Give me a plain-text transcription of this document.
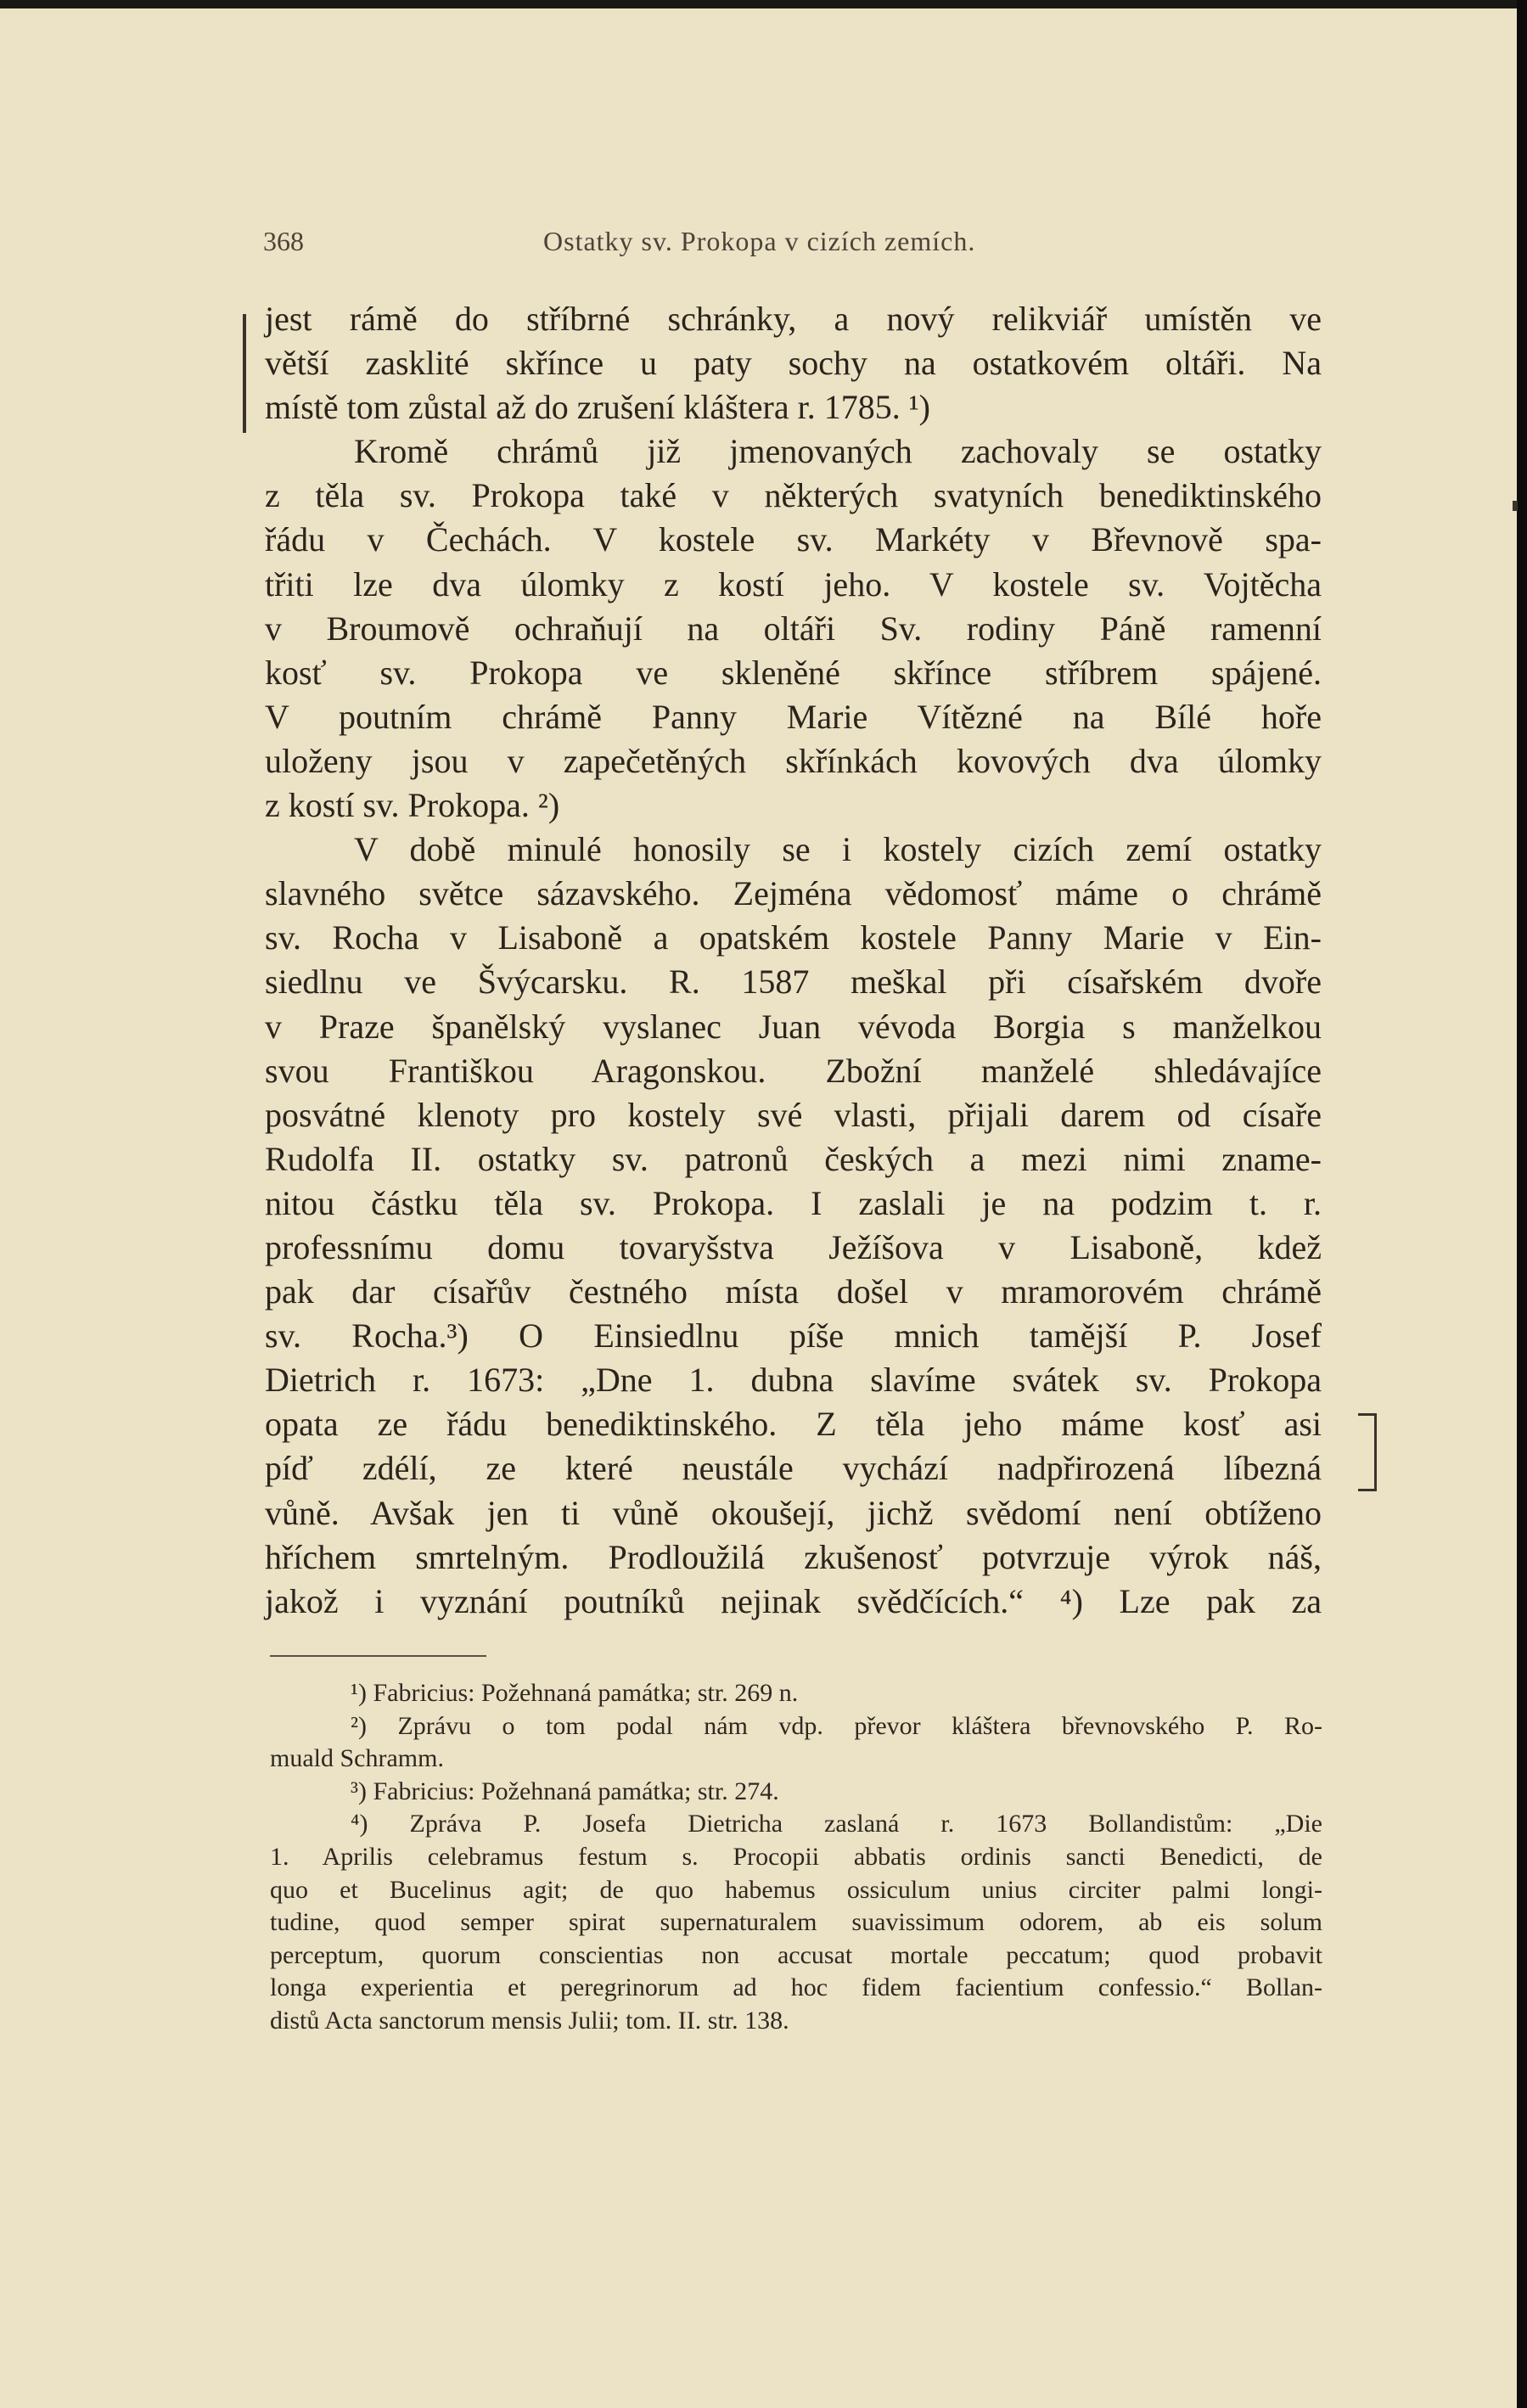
368	Ostatky sv. Prokopa v cizích zemích.
jest rámě do stříbrné schránky, a nový relikviář umístěn ve
větší zasklité skřínce u paty sochy na ostatkovém oltáři. Na
místě tom zůstal až do zrušení kláštera r. 1785. ¹)
Kromě chrámů již jmenovaných zachovaly se ostatky
z těla sv. Prokopa také v některých svatyních benediktinského
řádu v Čechách. V kostele sv. Markéty v Břevnově spa-
třiti lze dva úlomky z kostí jeho. V kostele sv. Vojtěcha
v Broumově ochraňují na oltáři Sv. rodiny Páně ramenní
kosť sv. Prokopa ve skleněné skřínce stříbrem spájené.
V poutním chrámě Panny Marie Vítězné na Bílé hoře
uloženy jsou v zapečetěných skřínkách kovových dva úlomky
z kostí sv. Prokopa. ²)
V době minulé honosily se i kostely cizích zemí ostatky
slavného světce sázavského. Zejména vědomosť máme o chrámě
sv. Rocha v Lisaboně a opatském kostele Panny Marie v Ein-
siedlnu ve Švýcarsku. R. 1587 meškal při císařském dvoře
v Praze španělský vyslanec Juan vévoda Borgia s manželkou
svou Františkou Aragonskou. Zbožní manželé shledávajíce
posvátné klenoty pro kostely své vlasti, přijali darem od císaře
Rudolfa II. ostatky sv. patronů českých a mezi nimi zname-
nitou částku těla sv. Prokopa. I zaslali je na podzim t. r.
professnímu domu tovaryšstva Ježíšova v Lisaboně, kdež
pak dar císařův čestného místa došel v mramorovém chrámě
sv. Rocha.³) O Einsiedlnu píše mnich tamější P. Josef
Dietrich r. 1673: „Dne 1. dubna slavíme svátek sv. Prokopa
opata ze řádu benediktinského. Z těla jeho máme kosť asi
píď zdélí, ze které neustále vychází nadpřirozená líbezná
vůně. Avšak jen ti vůně okoušejí, jichž svědomí není obtíženo
hříchem smrtelným. Prodloužilá zkušenosť potvrzuje výrok náš,
jakož i vyznání poutníků nejinak svědčících.“ ⁴) Lze pak za
¹) Fabricius: Požehnaná památka; str. 269 n.
²) Zprávu o tom podal nám vdp. převor kláštera břevnovského P. Ro-
muald Schramm.
³) Fabricius: Požehnaná památka; str. 274.
⁴) Zpráva P. Josefa Dietricha zaslaná r. 1673 Bollandistům: „Die
1. Aprilis celebramus festum s. Procopii abbatis ordinis sancti Benedicti, de
quo et Bucelinus agit; de quo habemus ossiculum unius circiter palmi longi-
tudine, quod semper spirat supernaturalem suavissimum odorem, ab eis solum
perceptum, quorum conscientias non accusat mortale peccatum; quod probavit
longa experientia et peregrinorum ad hoc fidem facientium confessio.“ Bollan-
distů Acta sanctorum mensis Julii; tom. II. str. 138.
